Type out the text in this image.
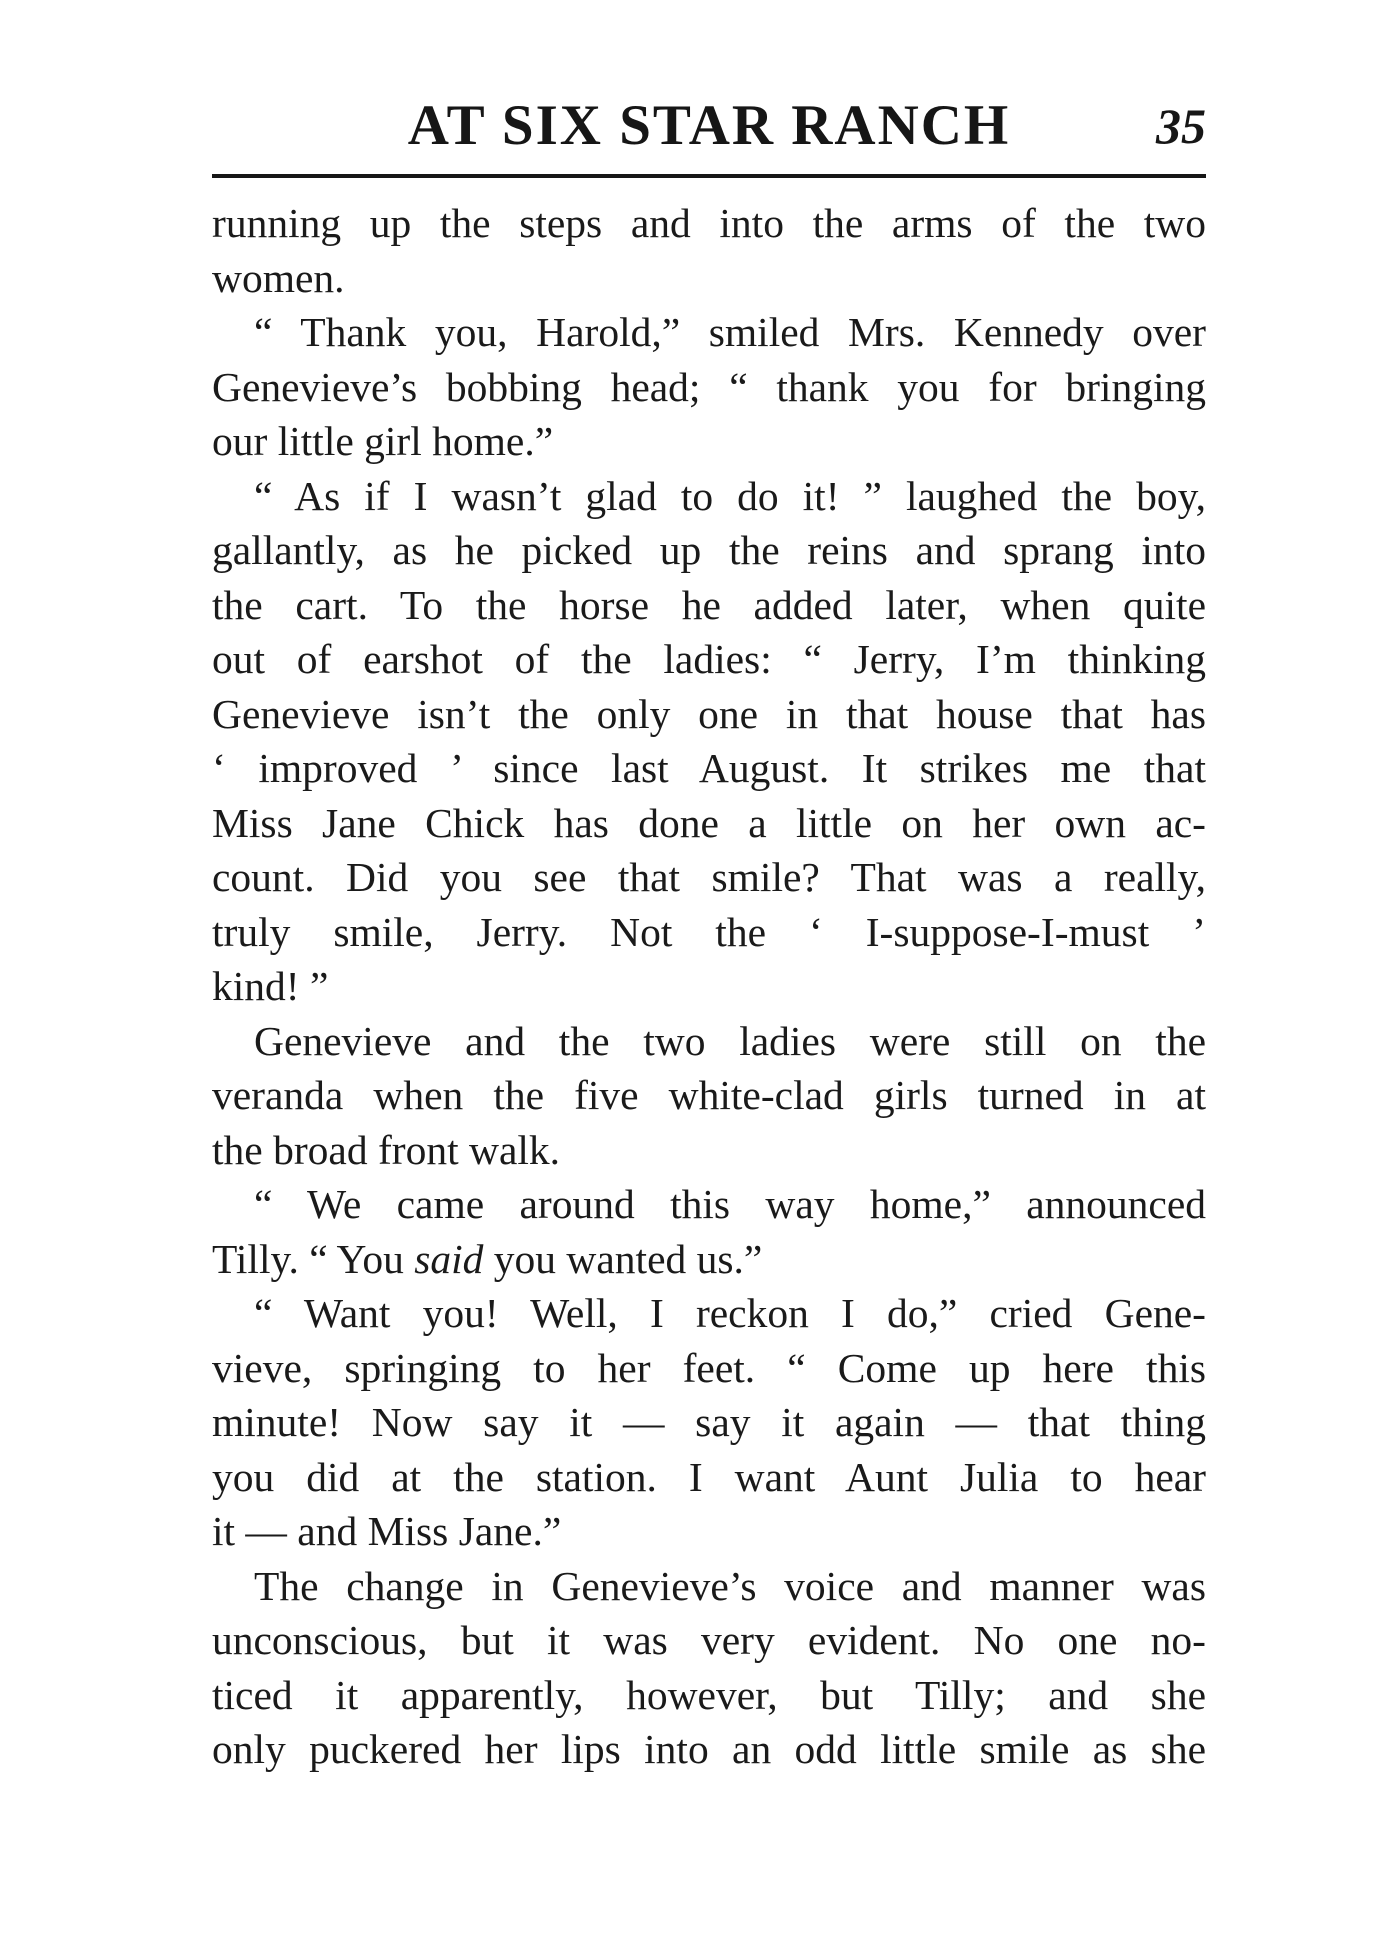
AT SIX STAR RANCH	35
running up the steps and into the arms of the two
women.
“ Thank you, Harold,” smiled Mrs. Kennedy over
Genevieve’s bobbing head; “ thank you for bringing
our little girl home.”
“ As if I wasn’t glad to do it! ” laughed the boy,
gallantly, as he picked up the reins and sprang into
the cart. To the horse he added later, when quite
out of earshot of the ladies: “ Jerry, I’m thinking
Genevieve isn’t the only one in that house that has
‘ improved ’ since last August. It strikes me that
Miss Jane Chick has done a little on her own ac-
count. Did you see that smile? That was a really,
truly smile, Jerry. Not the ‘ I-suppose-I-must ’
kind! ”
Genevieve and the two ladies were still on the
veranda when the five white-clad girls turned in at
the broad front walk.
“ We came around this way home,” announced
Tilly. “ You said you wanted us.”
“ Want you! Well, I reckon I do,” cried Gene-
vieve, springing to her feet. “ Come up here this
minute! Now say it — say it again — that thing
you did at the station. I want Aunt Julia to hear
it — and Miss Jane.”
The change in Genevieve’s voice and manner was
unconscious, but it was very evident. No one no-
ticed it apparently, however, but Tilly; and she
only puckered her lips into an odd little smile as she
